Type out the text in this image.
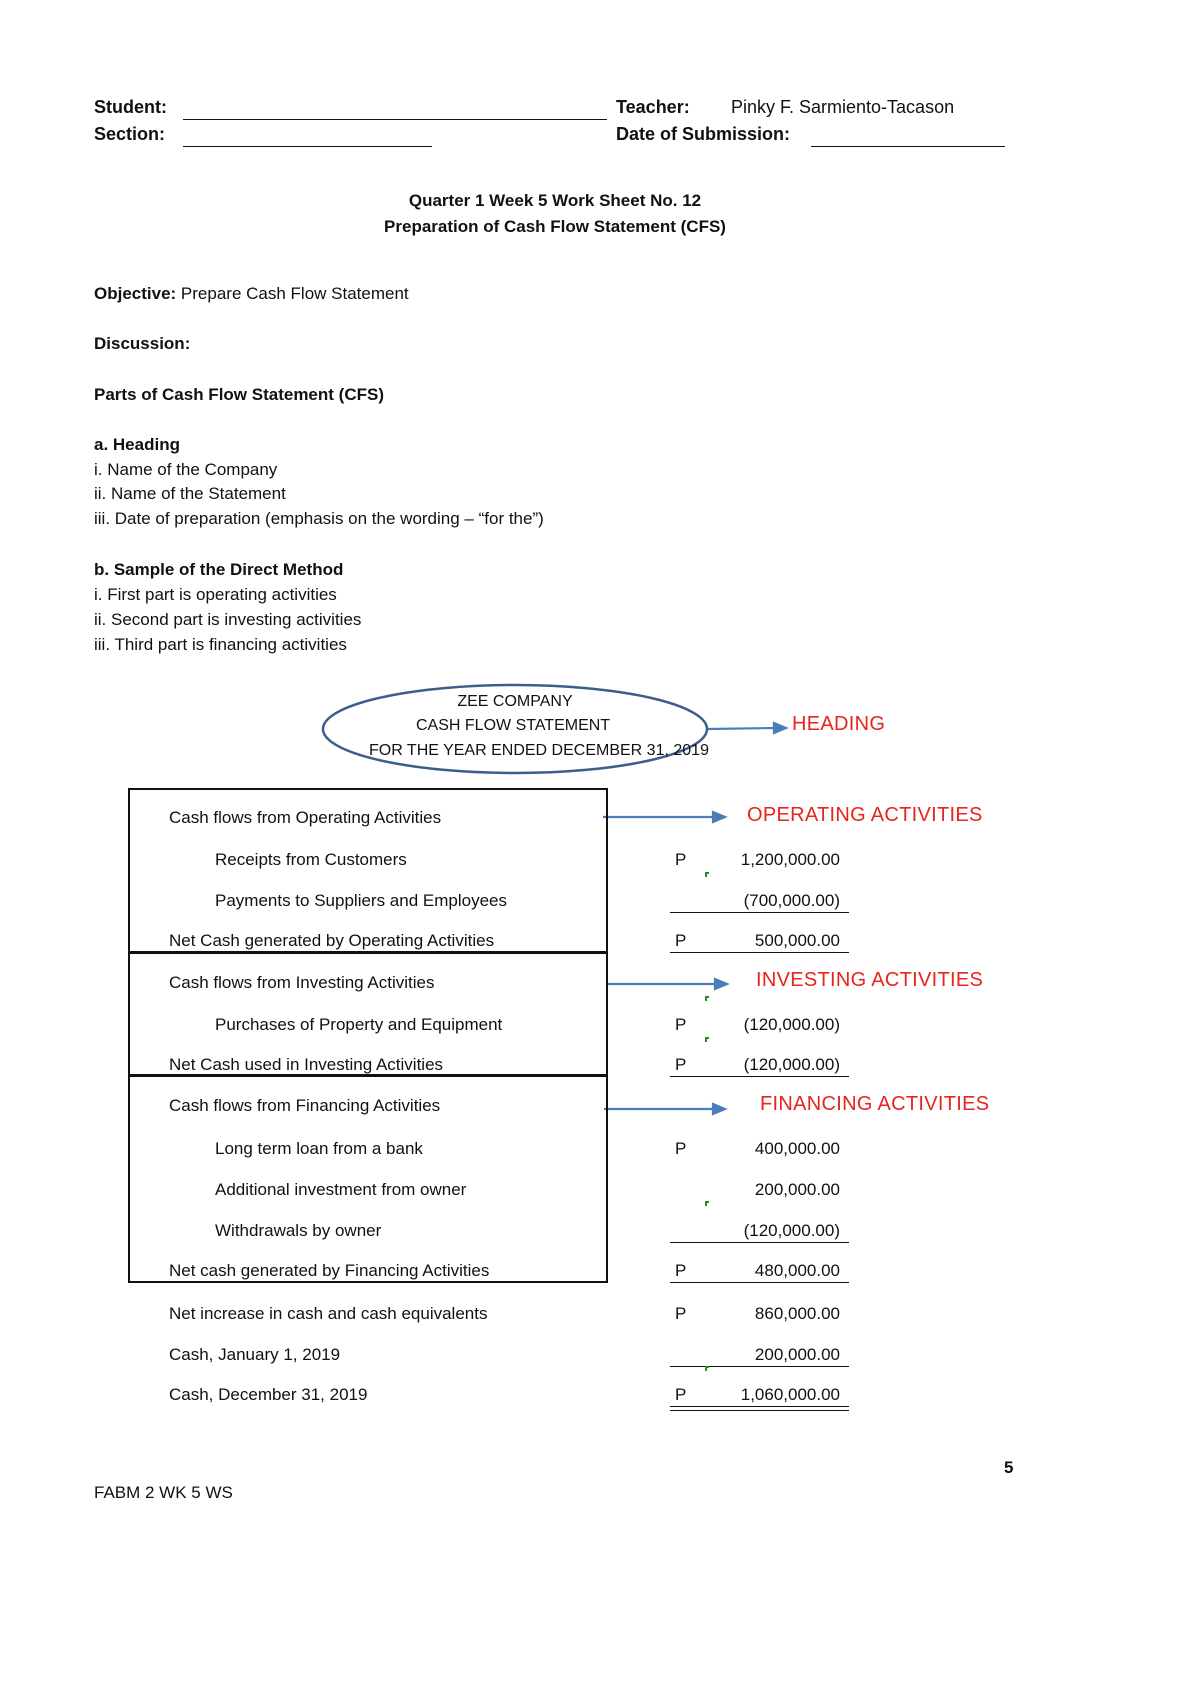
Student:
Section:
Teacher: Pinky F. Sarmiento-Tacason
Date of Submission:
Quarter 1 Week 5 Work Sheet No. 12
Preparation of Cash Flow Statement (CFS)
Objective: Prepare Cash Flow Statement
Discussion:
Parts of Cash Flow Statement (CFS)
a. Heading
i. Name of the Company
ii. Name of the Statement
iii. Date of preparation (emphasis on the wording – “for the”)
b. Sample of the Direct Method
i. First part is operating activities
ii. Second part is investing activities
iii. Third part is financing activities
ZEE COMPANY
CASH FLOW STATEMENT
FOR THE YEAR ENDED DECEMBER 31, 2019
HEADING
OPERATING ACTIVITIES
INVESTING ACTIVITIES
FINANCING ACTIVITIES
Cash flows from Operating Activities
Receipts from Customers	P	1,200,000.00
Payments to Suppliers and Employees	(700,000.00)
Net Cash generated by Operating Activities	P	500,000.00
Cash flows from Investing Activities
Purchases of Property and Equipment	P	(120,000.00)
Net Cash used in Investing Activities	P	(120,000.00)
Cash flows from Financing Activities
Long term loan from a bank	P	400,000.00
Additional investment from owner	200,000.00
Withdrawals by owner	(120,000.00)
Net cash generated by Financing Activities	P	480,000.00
Net increase in cash and cash equivalents	P	860,000.00
Cash, January 1, 2019	200,000.00
Cash, December 31, 2019	P	1,060,000.00
5
FABM 2 WK 5 WS
